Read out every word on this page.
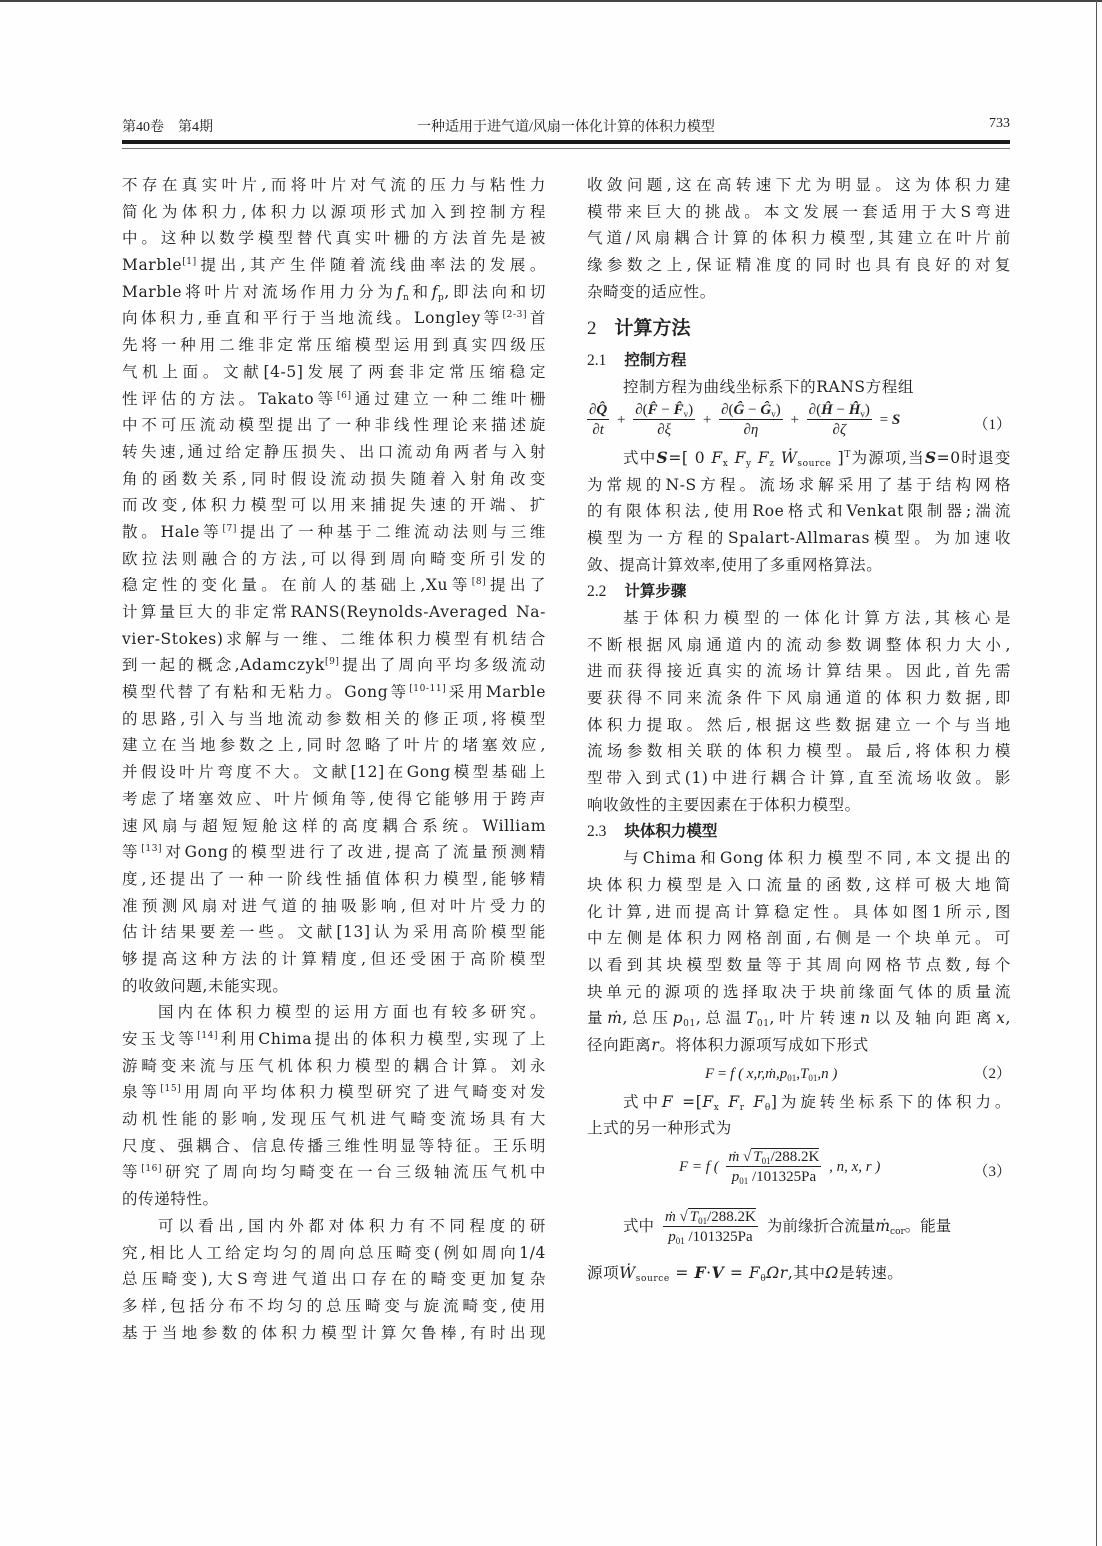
第40卷　第4期	一种适用于进气道/风扇一体化计算的体积力模型	733
不存在真实叶片,而将叶片对气流的压力与粘性力
简化为体积力,体积力以源项形式加入到控制方程
中。这种以数学模型替代真实叶栅的方法首先是被
Marble[1]提出,其产生伴随着流线曲率法的发展。
Marble将叶片对流场作用力分为$f_n$和$f_p$,即法向和切
向体积力,垂直和平行于当地流线。Longley等[2-3]首
先将一种用二维非定常压缩模型运用到真实四级压
气机上面。文献[4-5]发展了两套非定常压缩稳定
性评估的方法。Takato等[6]通过建立一种二维叶栅
中不可压流动模型提出了一种非线性理论来描述旋
转失速,通过给定静压损失、出口流动角两者与入射
角的函数关系,同时假设流动损失随着入射角改变
而改变,体积力模型可以用来捕捉失速的开端、扩
散。Hale等[7]提出了一种基于二维流动法则与三维
欧拉法则融合的方法,可以得到周向畸变所引发的
稳定性的变化量。在前人的基础上,Xu等[8]提出了
计算量巨大的非定常RANS(Reynolds-Averaged Na-
vier-Stokes)求解与一维、二维体积力模型有机结合
到一起的概念,Adamczyk[9]提出了周向平均多级流动
模型代替了有粘和无粘力。Gong等[10-11]采用Marble
的思路,引入与当地流动参数相关的修正项,将模型
建立在当地参数之上,同时忽略了叶片的堵塞效应,
并假设叶片弯度不大。文献[12]在Gong模型基础上
考虑了堵塞效应、叶片倾角等,使得它能够用于跨声
速风扇与超短短舱这样的高度耦合系统。William
等[13]对Gong的模型进行了改进,提高了流量预测精
度,还提出了一种一阶线性插值体积力模型,能够精
准预测风扇对进气道的抽吸影响,但对叶片受力的
估计结果要差一些。文献[13]认为采用高阶模型能
够提高这种方法的计算精度,但还受困于高阶模型
的收敛问题,未能实现。
国内在体积力模型的运用方面也有较多研究。
安玉戈等[14]利用Chima提出的体积力模型,实现了上
游畸变来流与压气机体积力模型的耦合计算。刘永
泉等[15]用周向平均体积力模型研究了进气畸变对发
动机性能的影响,发现压气机进气畸变流场具有大
尺度、强耦合、信息传播三维性明显等特征。王乐明
等[16]研究了周向均匀畸变在一台三级轴流压气机中
的传递特性。
可以看出,国内外都对体积力有不同程度的研
究,相比人工给定均匀的周向总压畸变(例如周向1/4
总压畸变),大S弯进气道出口存在的畸变更加复杂
多样,包括分布不均匀的总压畸变与旋流畸变,使用
基于当地参数的体积力模型计算欠鲁棒,有时出现
收敛问题,这在高转速下尤为明显。这为体积力建
模带来巨大的挑战。本文发展一套适用于大S弯进
气道/风扇耦合计算的体积力模型,其建立在叶片前
缘参数之上,保证精准度的同时也具有良好的对复
杂畸变的适应性。
2 计算方法
2.1 控制方程
控制方程为曲线坐标系下的RANS方程组
$\frac{\partial Q̂}{\partial t} + \frac{\partial(F̂ - F̂_v)}{\partial\xi} + \frac{\partial(Ĝ - Ĝ_v)}{\partial\eta} + \frac{\partial(Ĥ - Ĥ_v)}{\partial\zeta} = S$	（1）
式中S=[ 0 $F_x$ $F_y$ $F_z$ Ẇ$_{source}$ ]$^T$为源项,当S=0时退变
为常规的N-S方程。流场求解采用了基于结构网格
的有限体积法,使用Roe格式和Venkat限制器;湍流
模型为一方程的Spalart-Allmaras模型。为加速收
敛、提高计算效率,使用了多重网格算法。
2.2 计算步骤
基于体积力模型的一体化计算方法,其核心是
不断根据风扇通道内的流动参数调整体积力大小,
进而获得接近真实的流场计算结果。因此,首先需
要获得不同来流条件下风扇通道的体积力数据,即
体积力提取。然后,根据这些数据建立一个与当地
流场参数相关联的体积力模型。最后,将体积力模
型带入到式(1)中进行耦合计算,直至流场收敛。影
响收敛性的主要因素在于体积力模型。
2.3 块体积力模型
与Chima和Gong体积力模型不同,本文提出的
块体积力模型是入口流量的函数,这样可极大地简
化计算,进而提高计算稳定性。具体如图1所示,图
中左侧是体积力网格剖面,右侧是一个块单元。可
以看到其块模型数量等于其周向网格节点数,每个
块单元的源项的选择取决于块前缘面气体的质量流
量ṁ,总压$p_{01}$,总温$T_{01}$,叶片转速n以及轴向距离x,
径向距离r。将体积力源项写成如下形式
F = f ( $x,r,ṁ,p_{01},T_{01},n$ )	（2）
式中$F =[F_x$ $F_r$ $F_\theta$]为旋转坐标系下的体积力。
上式的另一种形式为
F = f ( $\frac{ṁ √ T_{01}/288.2K}{p_{01} /101325Pa}$ , n, x, r )	（3）
式中 $\frac{ṁ √ T_{01}/288.2K}{p_{01} /101325Pa}$ 为前缘折合流量ṁ$_{cor}$。能量
源项Ẇ$_{source}$ = $F\cdot V = F_\theta\Omega r$,其中Ω是转速。
